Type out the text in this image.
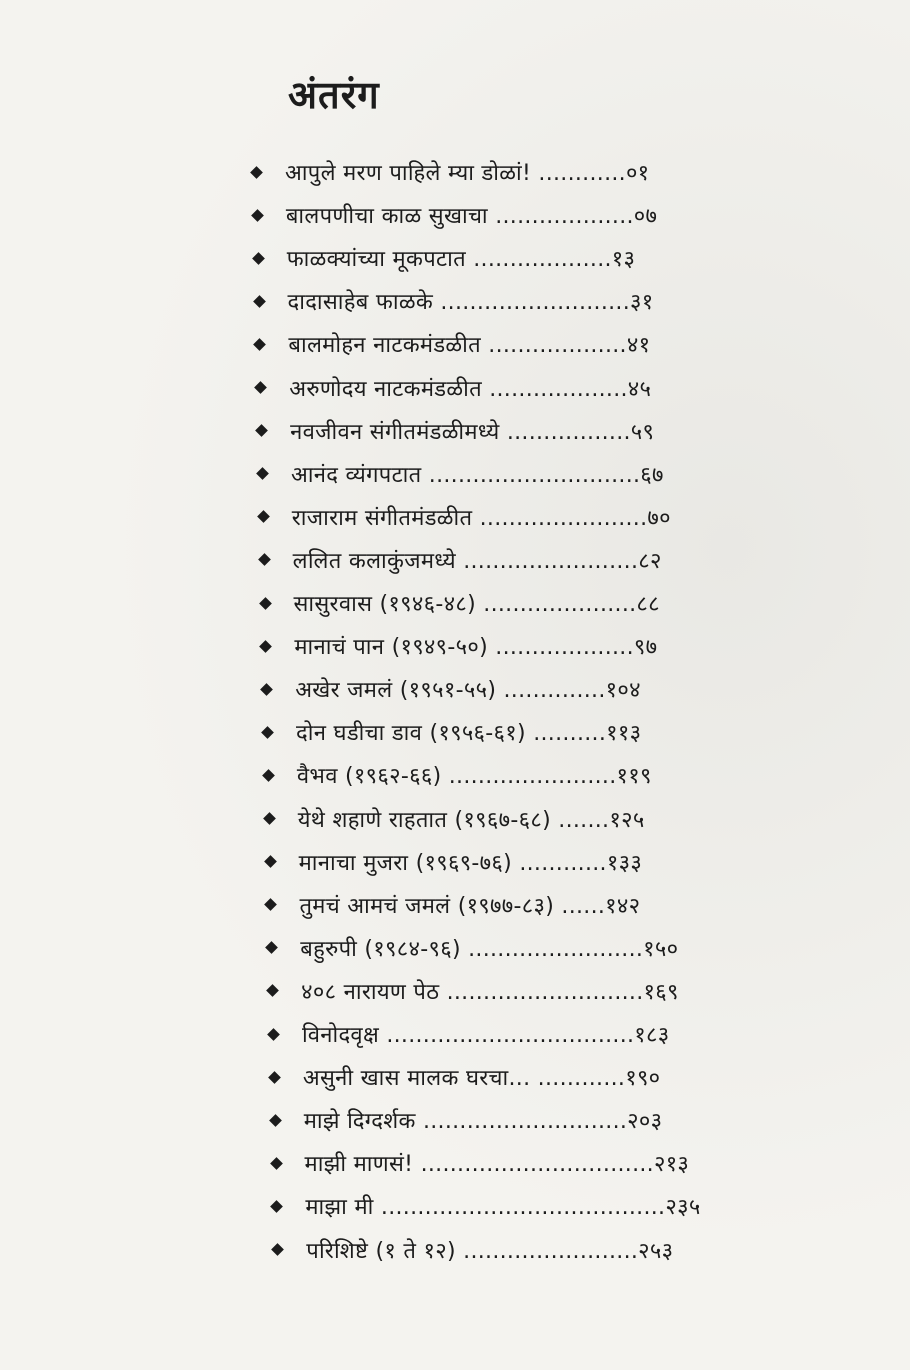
अंतरंग
आपुले मरण पाहिले म्या डोळां! ............०१
बालपणीचा काळ सुखाचा ...................०७
फाळक्यांच्या मूकपटात ...................१३
दादासाहेब फाळके ..........................३१
बालमोहन नाटकमंडळीत ...................४१
अरुणोदय नाटकमंडळीत ...................४५
नवजीवन संगीतमंडळीमध्ये .................५९
आनंद व्यंगपटात .............................६७
राजाराम संगीतमंडळीत .......................७०
ललित कलाकुंजमध्ये ........................८२
सासुरवास (१९४६-४८) .....................८८
मानाचं पान (१९४९-५०) ...................९७
अखेर जमलं (१९५१-५५) ..............१०४
दोन घडीचा डाव (१९५६-६१) ..........११३
वैभव (१९६२-६६) .......................११९
येथे शहाणे राहतात (१९६७-६८) .......१२५
मानाचा मुजरा (१९६९-७६) ............१३३
तुमचं आमचं जमलं (१९७७-८३) ......१४२
बहुरुपी (१९८४-९६) ........................१५०
४०८ नारायण पेठ ...........................१६९
विनोदवृक्ष ..................................१८३
असुनी खास मालक घरचा... ............१९०
माझे दिग्दर्शक ............................२०३
माझी माणसं! ................................२१३
माझा मी .......................................२३५
परिशिष्टे (१ ते १२) ........................२५३
